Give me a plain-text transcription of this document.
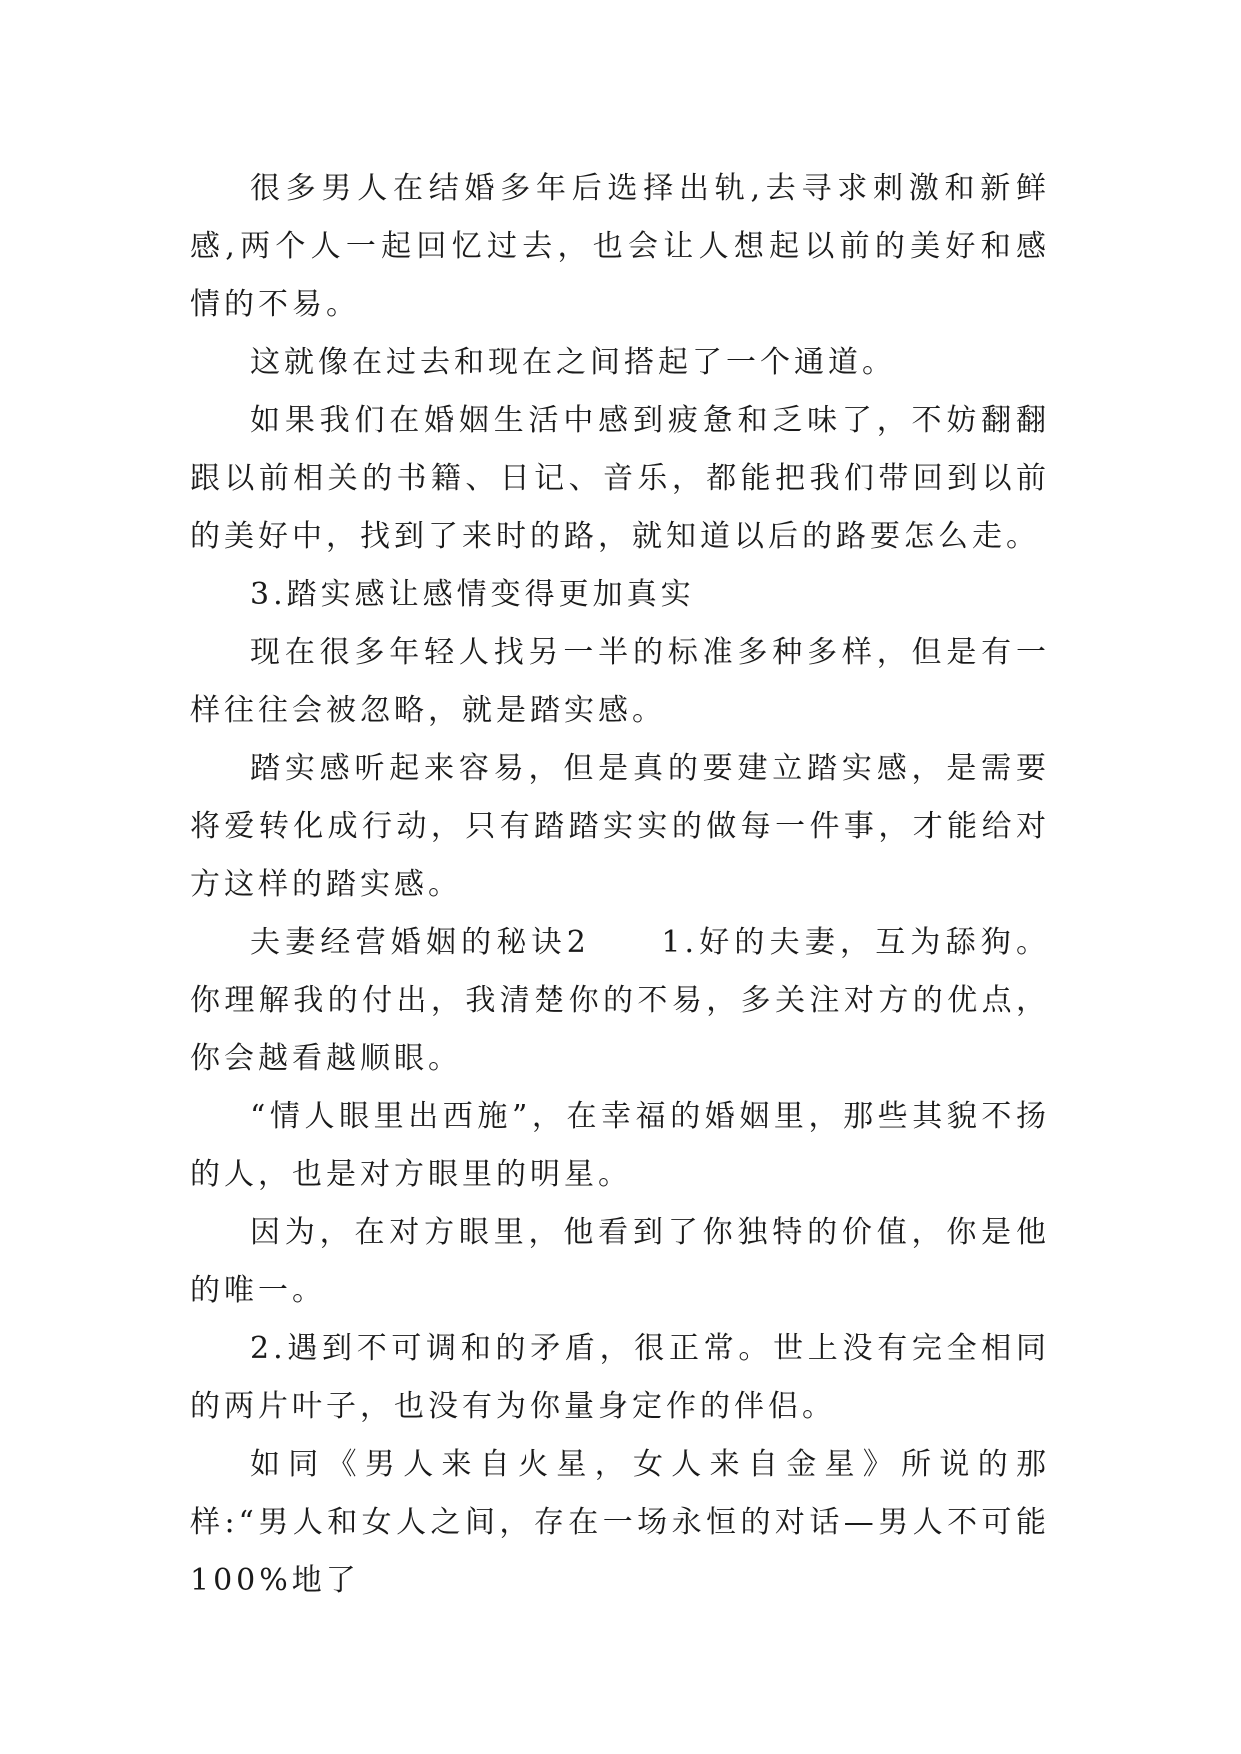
很多男人在结婚多年后选择出轨,去寻求刺激和新鲜感,两个人一起回忆过去，也会让人想起以前的美好和感情的不易。

这就像在过去和现在之间搭起了一个通道。

如果我们在婚姻生活中感到疲惫和乏味了，不妨翻翻跟以前相关的书籍、日记、音乐，都能把我们带回到以前的美好中，找到了来时的路，就知道以后的路要怎么走。

3.踏实感让感情变得更加真实

现在很多年轻人找另一半的标准多种多样，但是有一样往往会被忽略，就是踏实感。

踏实感听起来容易，但是真的要建立踏实感，是需要将爱转化成行动，只有踏踏实实的做每一件事，才能给对方这样的踏实感。

夫妻经营婚姻的秘诀2　　1.好的夫妻，互为舔狗。你理解我的付出，我清楚你的不易，多关注对方的优点，你会越看越顺眼。

“情人眼里出西施”，在幸福的婚姻里，那些其貌不扬的人，也是对方眼里的明星。

因为，在对方眼里，他看到了你独特的价值，你是他的唯一。

2.遇到不可调和的矛盾，很正常。世上没有完全相同的两片叶子，也没有为你量身定作的伴侣。

如同《男人来自火星，女人来自金星》所说的那样:“男人和女人之间，存在一场永恒的对话—男人不可能100%地了
